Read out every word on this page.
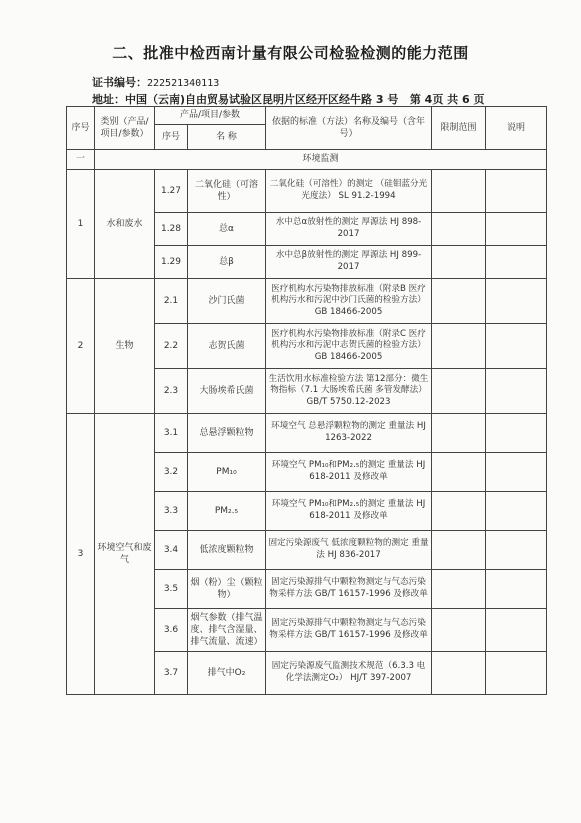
二、批准中检西南计量有限公司检验检测的能力范围
证书编号：222521340113
地址：中国（云南)自由贸易试验区昆明片区经开区经牛路 3 号 第 4页 共 6 页
序号	类别（产品/项目/参数）	产品/项目/参数		依据的标准（方法）名称及编号（含年号）	限制范围	说明
		序号	名 称			
一	环境监测					
1	水和废水	1.27	二氧化硅（可溶性）	二氧化硅（可溶性）的测定 （硅钼蓝分光光度法） SL 91.2-1994		
		1.28	总α	水中总α放射性的测定 厚源法 HJ 898-2017		
		1.29	总β	水中总β放射性的测定 厚源法 HJ 899-2017		
2	生物	2.1	沙门氏菌	医疗机构水污染物排放标准（附录B 医疗机构污水和污泥中沙门氏菌的检验方法） GB 18466-2005		
		2.2	志贺氏菌	医疗机构水污染物排放标准（附录C 医疗机构污水和污泥中志贺氏菌的检验方法） GB 18466-2005		
		2.3	大肠埃希氏菌	生活饮用水标准检验方法 第12部分：微生物指标（7.1 大肠埃希氏菌 多管发酵法） GB/T 5750.12-2023		
3	环境空气和废气	3.1	总悬浮颗粒物	环境空气 总悬浮颗粒物的测定 重量法 HJ 1263-2022		
		3.2	PM₁₀	环境空气 PM₁₀和PM₂.₅的测定 重量法 HJ 618-2011 及修改单		
		3.3	PM₂.₅	环境空气 PM₁₀和PM₂.₅的测定 重量法 HJ 618-2011 及修改单		
		3.4	低浓度颗粒物	固定污染源废气 低浓度颗粒物的测定 重量法 HJ 836-2017		
		3.5	烟（粉）尘（颗粒物）	固定污染源排气中颗粒物测定与气态污染物采样方法 GB/T 16157-1996 及修改单		
		3.6	烟气参数（排气温度、排气含湿量、排气流量、流速）	固定污染源排气中颗粒物测定与气态污染物采样方法 GB/T 16157-1996 及修改单		
		3.7	排气中O₂	固定污染源废气监测技术规范（6.3.3 电化学法测定O₂） HJ/T 397-2007		
